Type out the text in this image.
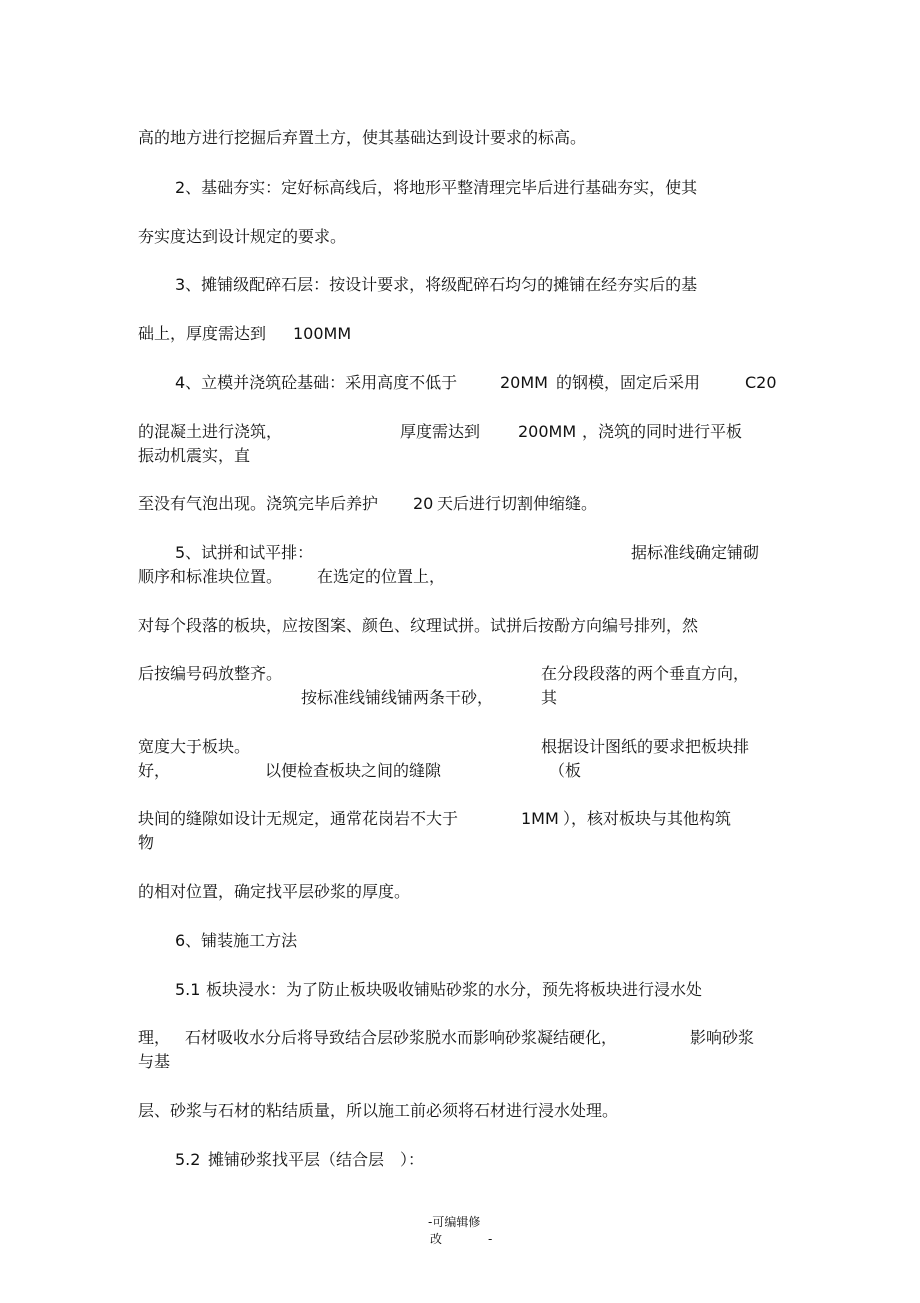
高的地方进行挖掘后弃置土方，使其基础达到设计要求的标高。
2、基础夯实：定好标高线后，将地形平整清理完毕后进行基础夯实，使其
夯实度达到设计规定的要求。
3、摊铺级配碎石层：按设计要求，将级配碎石均匀的摊铺在经夯实后的基
础上，厚度需达到 100MM
4、立模并浇筑砼基础：采用高度不低于	20MM 的钢模，固定后采用	C20
的混凝土进行浇筑，	厚度需达到 200MM ，浇筑的同时进行平板
振动机震实，直
至没有气泡出现。浇筑完毕后养护 20 天后进行切割伸缩缝。
5、试拼和试平排：	据标准线确定铺砌
顺序和标准块位置。 在选定的位置上，
对每个段落的板块，应按图案、颜色、纹理试拼。试拼后按酚方向编号排列，然
后按编号码放整齐。	在分段段落的两个垂直方向，
按标准线铺线铺两条干砂，	其
宽度大于板块。	根据设计图纸的要求把板块排
好，	以便检查板块之间的缝隙	（板
块间的缝隙如设计无规定，通常花岗岩不大于	1MM ），核对板块与其他构筑
物
的相对位置，确定找平层砂浆的厚度。
6、铺装施工方法
5.1 板块浸水：为了防止板块吸收铺贴砂浆的水分，预先将板块进行浸水处
理， 石材吸收水分后将导致结合层砂浆脱水而影响砂浆凝结硬化，	影响砂浆
与基
层、砂浆与石材的粘结质量，所以施工前必须将石材进行浸水处理。
5.2 摊铺砂浆找平层（结合层 ）：
-可编辑修
改	-
